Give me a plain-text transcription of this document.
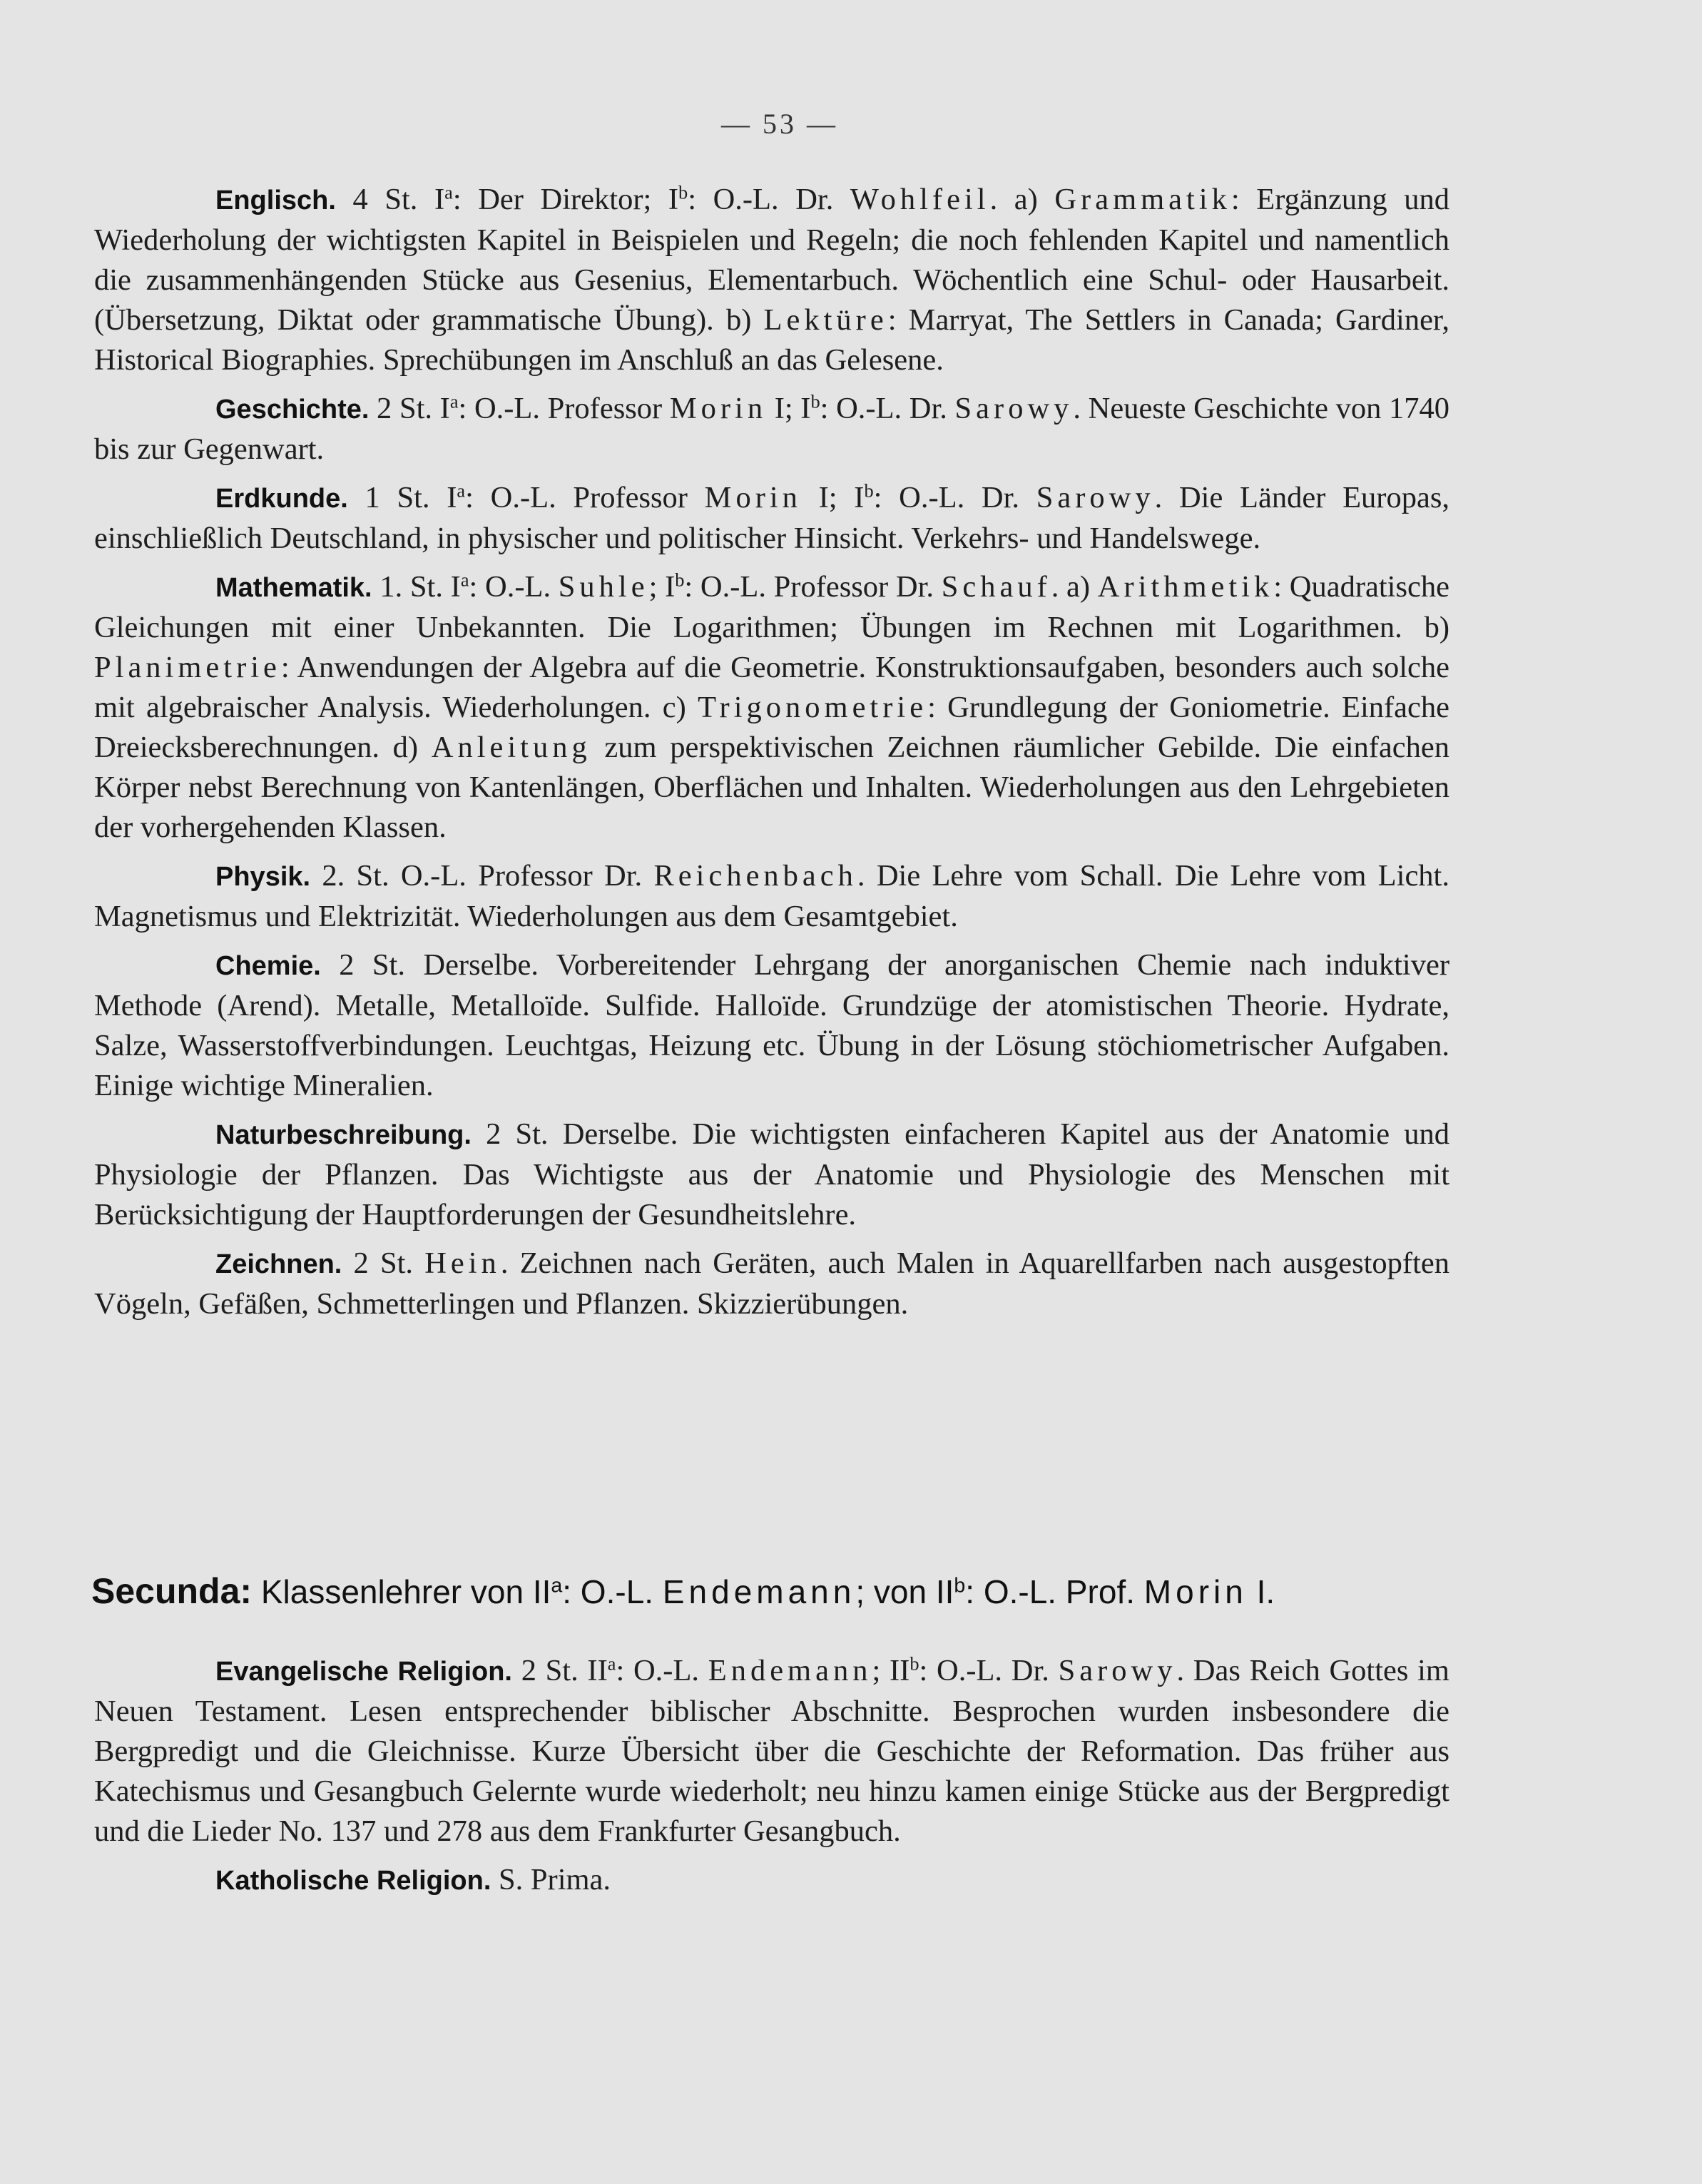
— 53 —

Englisch. 4 St. $I^a$: Der Direktor; $I^b$: O.-L. Dr. Wohlfeil. a) Grammatik: Ergänzung und Wiederholung der wichtigsten Kapitel in Beispielen und Regeln; die noch fehlenden Kapitel und namentlich die zusammenhängenden Stücke aus Gesenius, Elementarbuch. Wöchentlich eine Schul- oder Hausarbeit. (Übersetzung, Diktat oder grammatische Übung). b) Lektüre: Marryat, The Settlers in Canada; Gardiner, Historical Biographies. Sprechübungen im Anschluß an das Gelesene.

Geschichte. 2 St. $I^a$: O.-L. Professor Morin I; $I^b$: O.-L. Dr. Sarowy. Neueste Geschichte von 1740 bis zur Gegenwart.

Erdkunde. 1 St. $I^a$: O.-L. Professor Morin I; $I^b$: O.-L. Dr. Sarowy. Die Länder Europas, einschließlich Deutschland, in physischer und politischer Hinsicht. Verkehrs- und Handelswege.

Mathematik. 1. St. $I^a$: O.-L. Suhle; $I^b$: O.-L. Professor Dr. Schauf. a) Arithmetik: Quadratische Gleichungen mit einer Unbekannten. Die Logarithmen; Übungen im Rechnen mit Logarithmen. b) Planimetrie: Anwendungen der Algebra auf die Geometrie. Konstruktionsaufgaben, besonders auch solche mit algebraischer Analysis. Wiederholungen. c) Trigonometrie: Grundlegung der Goniometrie. Einfache Dreiecksberechnungen. d) Anleitung zum perspektivischen Zeichnen räumlicher Gebilde. Die einfachen Körper nebst Berechnung von Kantenlängen, Oberflächen und Inhalten. Wiederholungen aus den Lehrgebieten der vorhergehenden Klassen.

Physik. 2. St. O.-L. Professor Dr. Reichenbach. Die Lehre vom Schall. Die Lehre vom Licht. Magnetismus und Elektrizität. Wiederholungen aus dem Gesamtgebiet.

Chemie. 2 St. Derselbe. Vorbereitender Lehrgang der anorganischen Chemie nach induktiver Methode (Arend). Metalle, Metalloïde. Sulfide. Halloïde. Grundzüge der atomistischen Theorie. Hydrate, Salze, Wasserstoffverbindungen. Leuchtgas, Heizung etc. Übung in der Lösung stöchiometrischer Aufgaben. Einige wichtige Mineralien.

Naturbeschreibung. 2 St. Derselbe. Die wichtigsten einfacheren Kapitel aus der Anatomie und Physiologie der Pflanzen. Das Wichtigste aus der Anatomie und Physiologie des Menschen mit Berücksichtigung der Hauptforderungen der Gesundheitslehre.

Zeichnen. 2 St. Hein. Zeichnen nach Geräten, auch Malen in Aquarellfarben nach ausgestopften Vögeln, Gefäßen, Schmetterlingen und Pflanzen. Skizzierübungen.

Secunda: Klassenlehrer von $II^a$: O.-L. Endemann; von $II^b$: O.-L. Prof. Morin I.

Evangelische Religion. 2 St. $II^a$: O.-L. Endemann; $II^b$: O.-L. Dr. Sarowy. Das Reich Gottes im Neuen Testament. Lesen entsprechender biblischer Abschnitte. Besprochen wurden insbesondere die Bergpredigt und die Gleichnisse. Kurze Übersicht über die Geschichte der Reformation. Das früher aus Katechismus und Gesangbuch Gelernte wurde wiederholt; neu hinzu kamen einige Stücke aus der Bergpredigt und die Lieder No. 137 und 278 aus dem Frankfurter Gesangbuch.

Katholische Religion. S. Prima.
